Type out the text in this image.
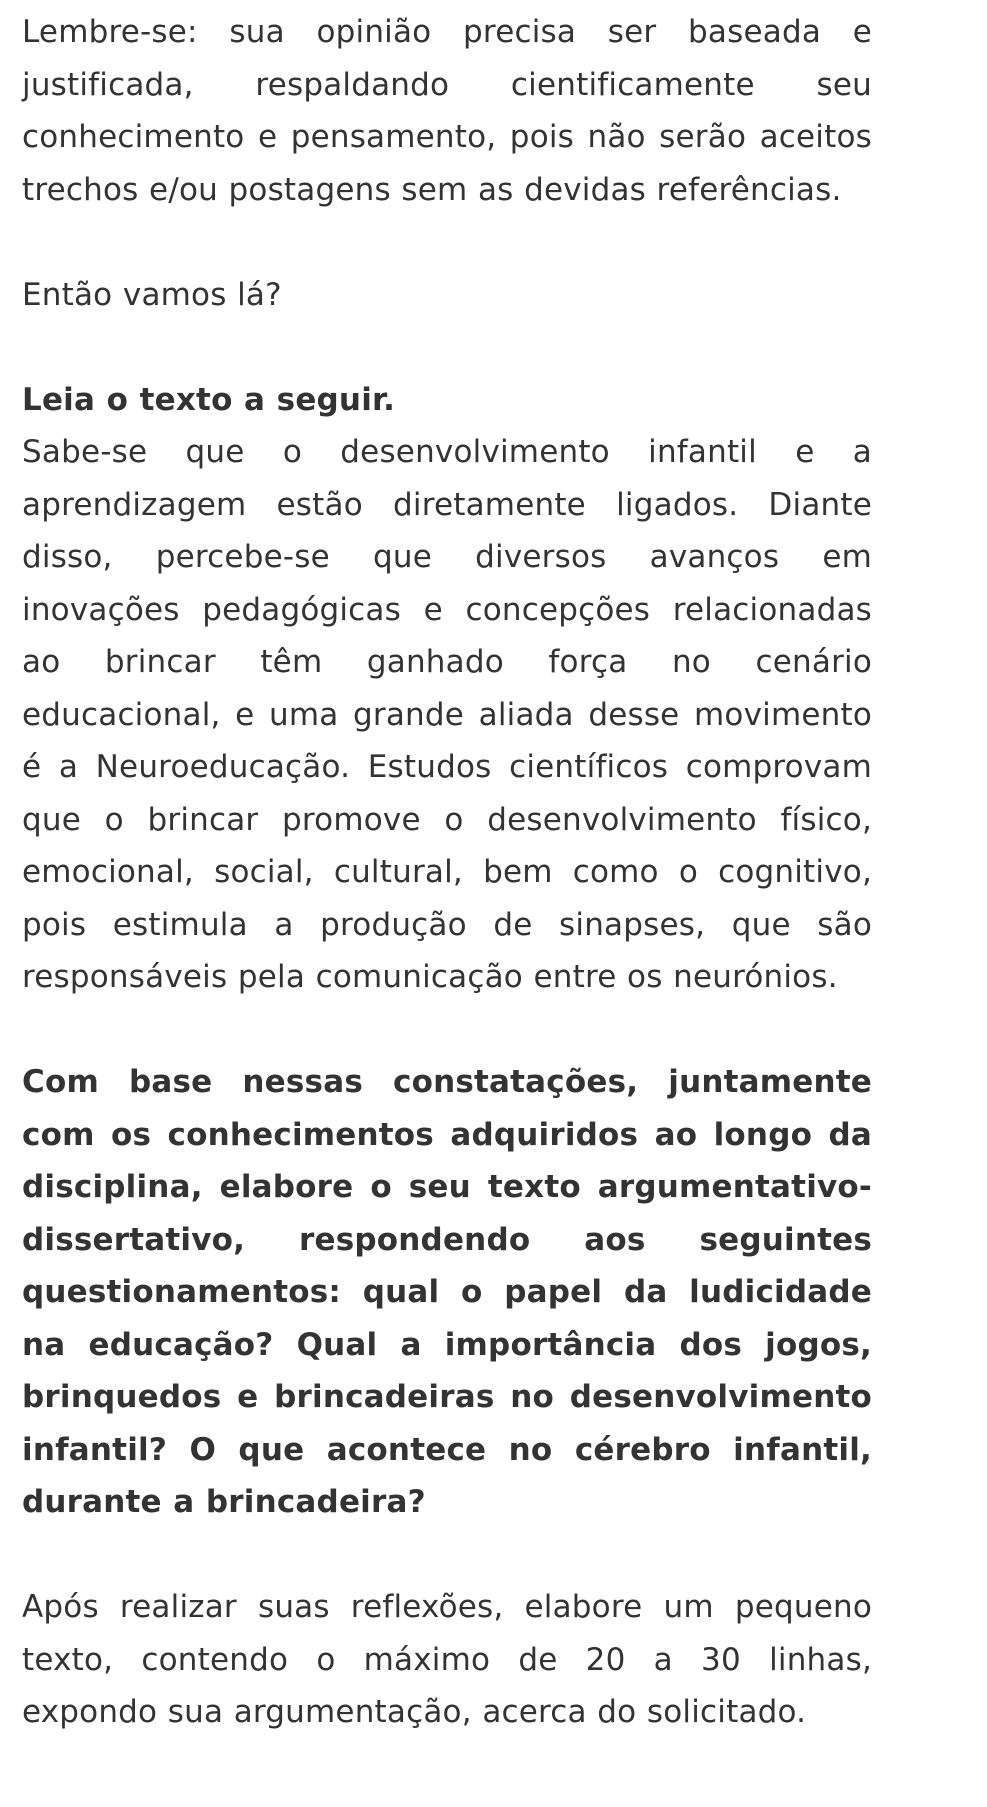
Lembre-se: sua opinião precisa ser baseada e justificada, respaldando cientificamente seu conhecimento e pensamento, pois não serão aceitos trechos e/ou postagens sem as devidas referências.

Então vamos lá?

Leia o texto a seguir.

Sabe-se que o desenvolvimento infantil e a aprendizagem estão diretamente ligados. Diante disso, percebe-se que diversos avanços em inovações pedagógicas e concepções relacionadas ao brincar têm ganhado força no cenário educacional, e uma grande aliada desse movimento é a Neuroeducação. Estudos científicos comprovam que o brincar promove o desenvolvimento físico, emocional, social, cultural, bem como o cognitivo, pois estimula a produção de sinapses, que são responsáveis pela comunicação entre os neurónios.

Com base nessas constatações, juntamente com os conhecimentos adquiridos ao longo da disciplina, elabore o seu texto argumentativo-dissertativo, respondendo aos seguintes questionamentos: qual o papel da ludicidade na educação? Qual a importância dos jogos, brinquedos e brincadeiras no desenvolvimento infantil? O que acontece no cérebro infantil, durante a brincadeira?

Após realizar suas reflexões, elabore um pequeno texto, contendo o máximo de 20 a 30 linhas, expondo sua argumentação, acerca do solicitado.
